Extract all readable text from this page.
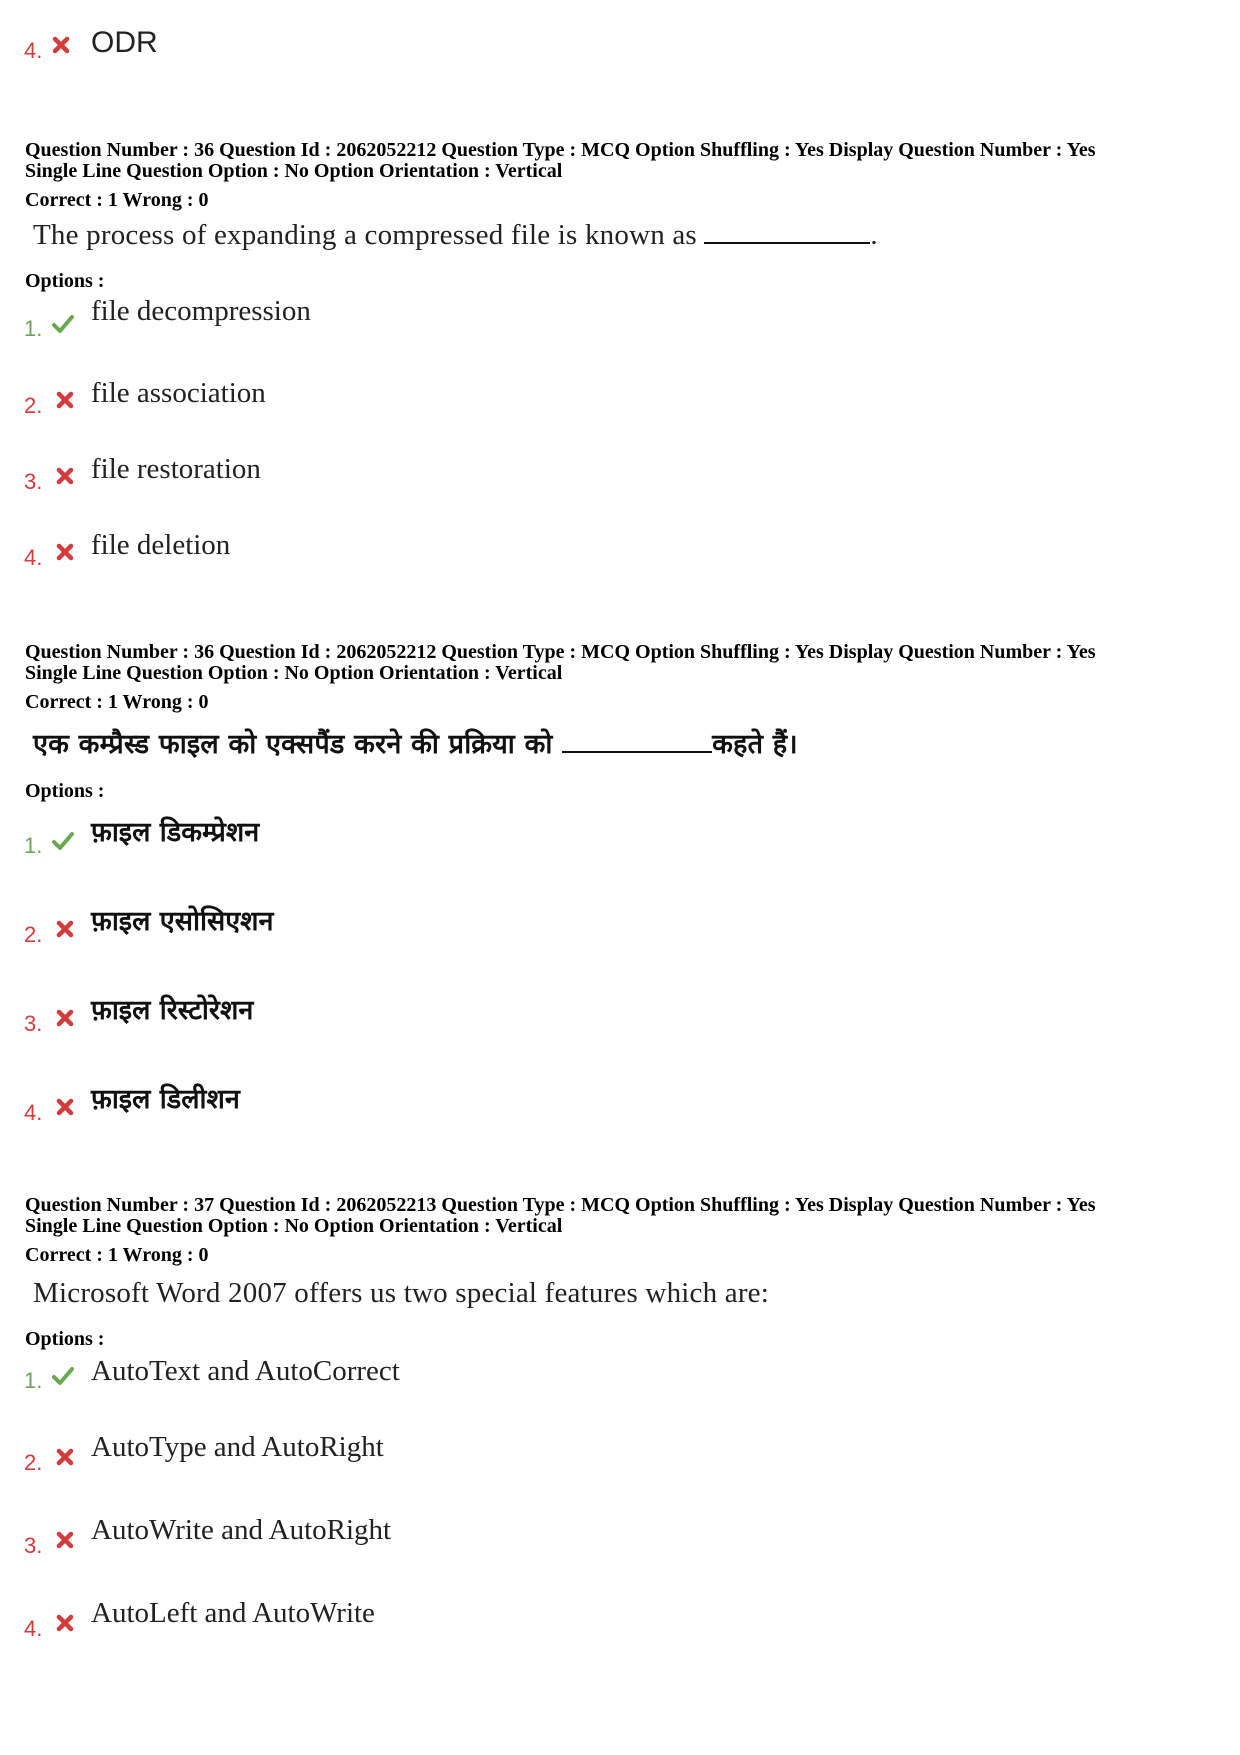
4. ODR
Question Number : 36 Question Id : 2062052212 Question Type : MCQ Option Shuffling : Yes Display Question Number : Yes
Single Line Question Option : No Option Orientation : Vertical
Correct : 1 Wrong : 0
The process of expanding a compressed file is known as	.
Options :
1.
file decompression
2. file association
3. file restoration
4. file deletion
Question Number : 36 Question Id : 2062052212 Question Type : MCQ Option Shuffling : Yes Display Question Number : Yes
Single Line Question Option : No Option Orientation : Vertical
Correct : 1 Wrong : 0
एक कम्प्रैस्ड फाइल को एक्सपैंड करने की प्रक्रिया को	कहते हैं।
Options :
1. फ़ाइल डिकम्प्रेशन
2. फ़ाइल एसोसिएशन
3. फ़ाइल रिस्टोरेशन
4. फ़ाइल डिलीशन
Question Number : 37 Question Id : 2062052213 Question Type : MCQ Option Shuffling : Yes Display Question Number : Yes
Single Line Question Option : No Option Orientation : Vertical
Correct : 1 Wrong : 0
Microsoft Word 2007 offers us two special features which are:
Options :
1. AutoText and AutoCorrect
2. AutoType and AutoRight
3. AutoWrite and AutoRight
4. AutoLeft and AutoWrite
